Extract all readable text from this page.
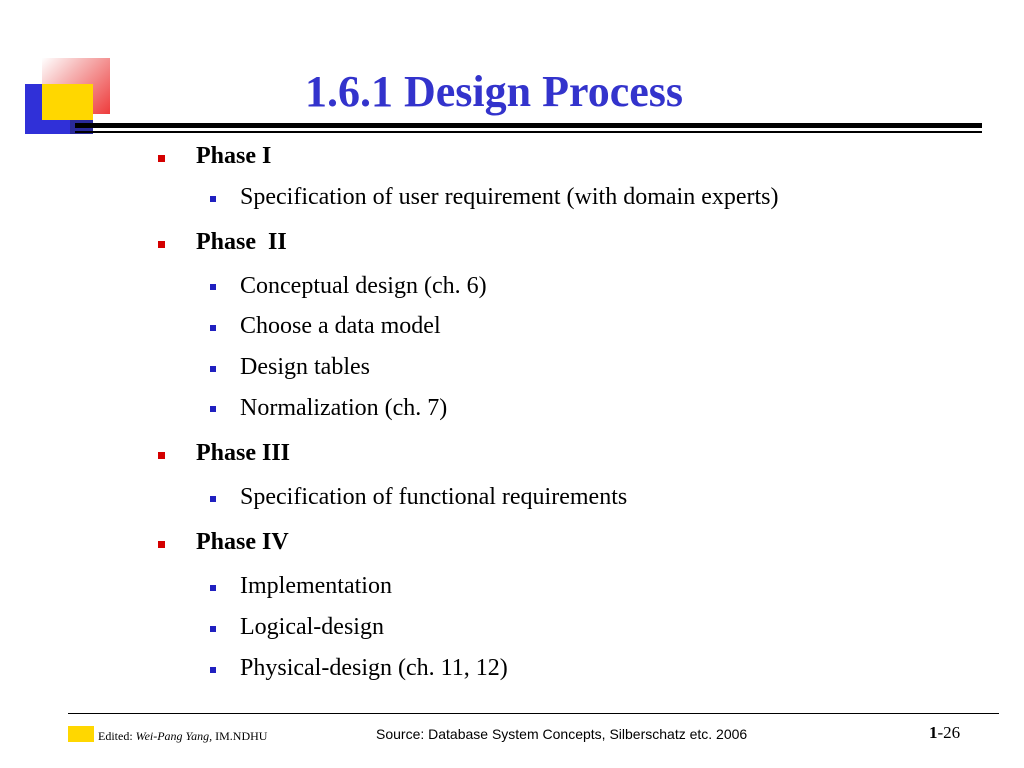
1.6.1 Design Process
Phase I
Specification of user requirement (with domain experts)
Phase  II
Conceptual design (ch. 6)
Choose a data model
Design tables
Normalization (ch. 7)
Phase III
Specification of functional requirements
Phase IV
Implementation
Logical-design
Physical-design (ch. 11, 12)
Edited: Wei-Pang Yang, IM.NDHU	Source: Database System Concepts, Silberschatz etc. 2006	1-26
